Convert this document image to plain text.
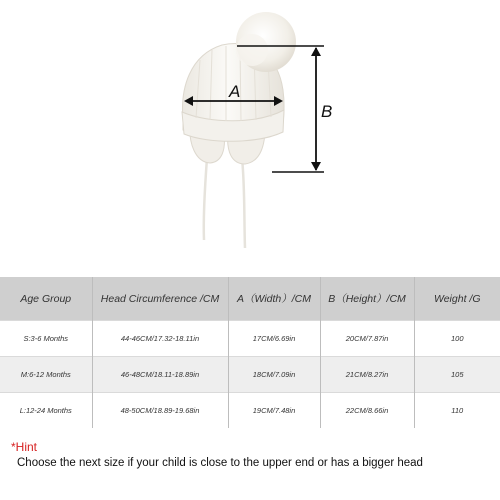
A
B
Age Group	Head Circumference /CM	A（Width）/CM	B（Height）/CM	Weight /G
S:3-6 Months	44-46CM/17.32-18.11in	17CM/6.69in	20CM/7.87in	100
M:6-12 Months	46-48CM/18.11-18.89in	18CM/7.09in	21CM/8.27in	105
L:12-24 Months	48-50CM/18.89-19.68in	19CM/7.48in	22CM/8.66in	110
*Hint
Choose the next size if your child is close to the upper end or has a bigger head
